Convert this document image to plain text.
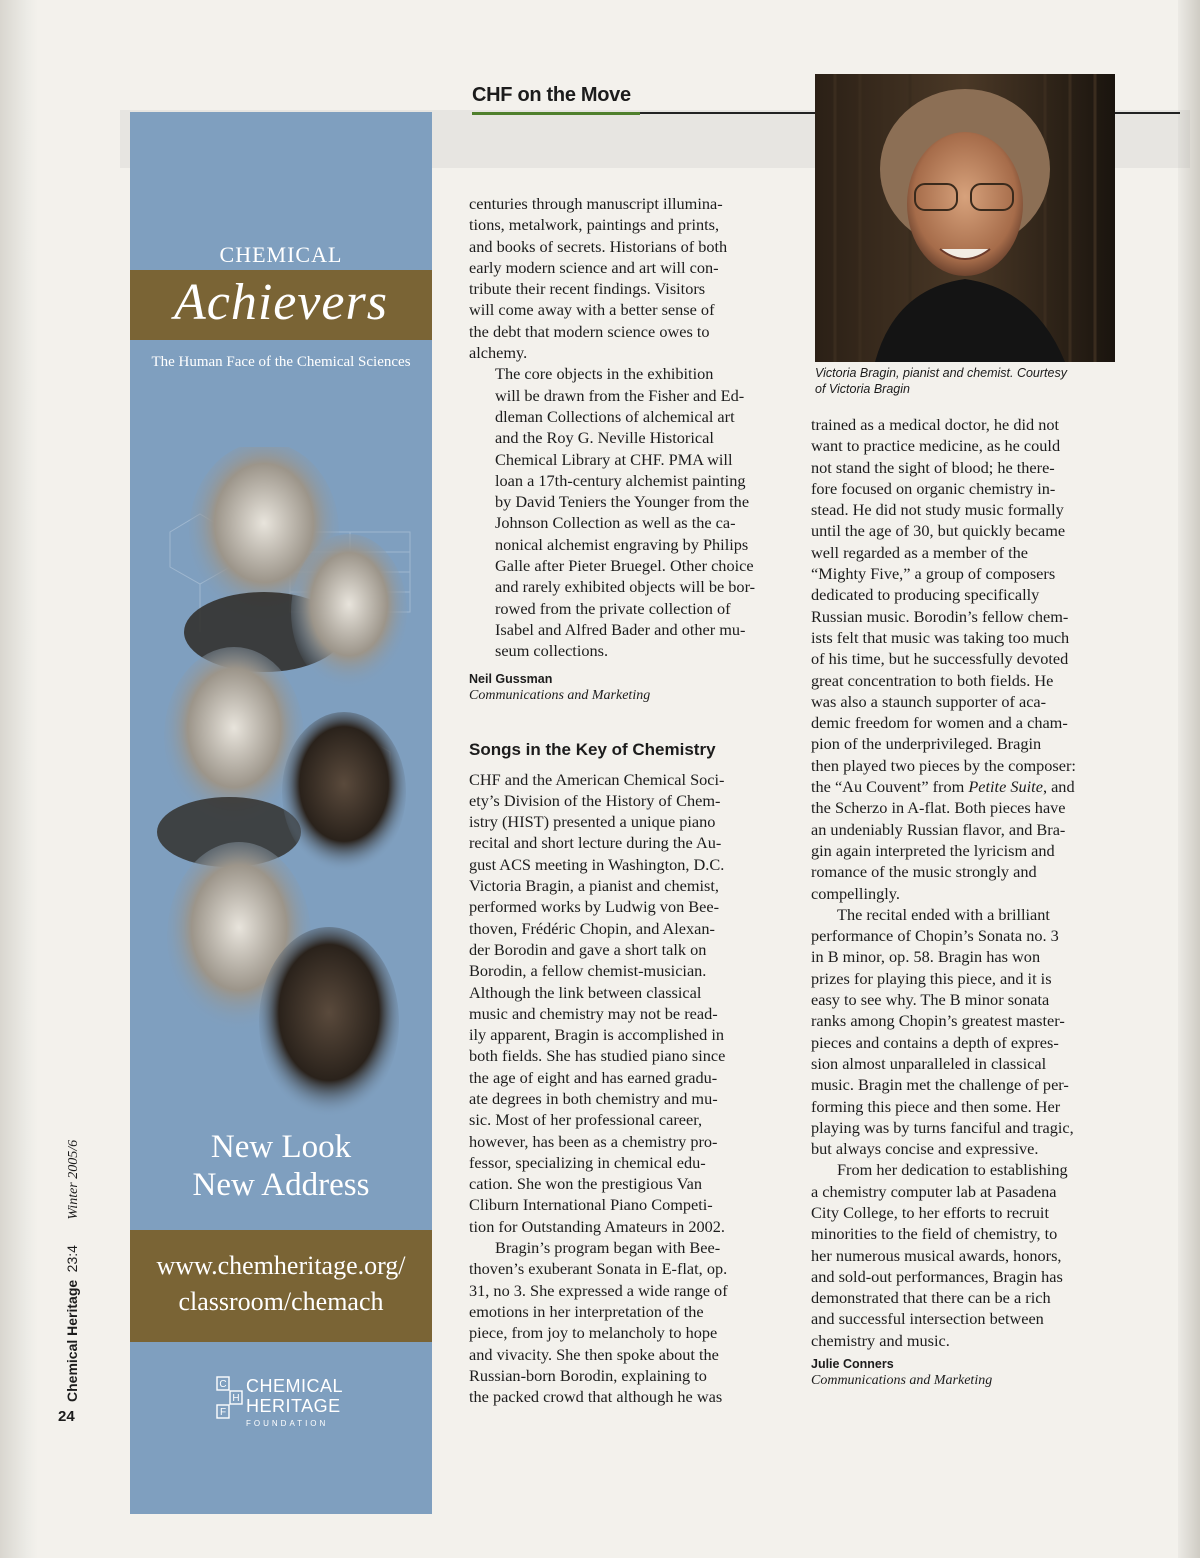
CHF on the Move
CHEMICAL
Achievers
The Human Face of the Chemical Sciences
New Look
New Address
www.chemheritage.org/
classroom/chemach
C
H
F
CHEMICAL
HERITAGE
FOUNDATION
Chemical Heritage 23:4 Winter 2005/6
24
Victoria Bragin, pianist and chemist. Courtesy
of Victoria Bragin

centuries through manuscript illumina-
tions, metalwork, paintings and prints,
and books of secrets. Historians of both
early modern science and art will con-
tribute their recent findings. Visitors
will come away with a better sense of
the debt that modern science owes to
alchemy.

The core objects in the exhibition
will be drawn from the Fisher and Ed-
dleman Collections of alchemical art
and the Roy G. Neville Historical
Chemical Library at CHF. PMA will
loan a 17th-century alchemist painting
by David Teniers the Younger from the
Johnson Collection as well as the ca-
nonical alchemist engraving by Philips
Galle after Pieter Bruegel. Other choice
and rarely exhibited objects will be bor-
rowed from the private collection of
Isabel and Alfred Bader and other mu-
seum collections.

Neil Gussman
Communications and Marketing
Songs in the Key of Chemistry

CHF and the American Chemical Soci-
ety’s Division of the History of Chem-
istry (HIST) presented a unique piano
recital and short lecture during the Au-
gust ACS meeting in Washington, D.C.
Victoria Bragin, a pianist and chemist,
performed works by Ludwig von Bee-
thoven, Frédéric Chopin, and Alexan-
der Borodin and gave a short talk on
Borodin, a fellow chemist-musician.
Although the link between classical
music and chemistry may not be read-
ily apparent, Bragin is accomplished in
both fields. She has studied piano since
the age of eight and has earned gradu-
ate degrees in both chemistry and mu-
sic. Most of her professional career,
however, has been as a chemistry pro-
fessor, specializing in chemical edu-
cation. She won the prestigious Van
Cliburn International Piano Competi-
tion for Outstanding Amateurs in 2002.

Bragin’s program began with Bee-
thoven’s exuberant Sonata in E-flat, op.
31, no 3. She expressed a wide range of
emotions in her interpretation of the
piece, from joy to melancholy to hope
and vivacity. She then spoke about the
Russian-born Borodin, explaining to
the packed crowd that although he was

trained as a medical doctor, he did not
want to practice medicine, as he could
not stand the sight of blood; he there-
fore focused on organic chemistry in-
stead. He did not study music formally
until the age of 30, but quickly became
well regarded as a member of the
“Mighty Five,” a group of composers
dedicated to producing specifically
Russian music. Borodin’s fellow chem-
ists felt that music was taking too much
of his time, but he successfully devoted
great concentration to both fields. He
was also a staunch supporter of aca-
demic freedom for women and a cham-
pion of the underprivileged. Bragin
then played two pieces by the composer:

the “Au Couvent” from Petite Suite, and

the Scherzo in A-flat. Both pieces have
an undeniably Russian flavor, and Bra-
gin again interpreted the lyricism and
romance of the music strongly and
compellingly.

The recital ended with a brilliant
performance of Chopin’s Sonata no. 3
in B minor, op. 58. Bragin has won
prizes for playing this piece, and it is
easy to see why. The B minor sonata
ranks among Chopin’s greatest master-
pieces and contains a depth of expres-
sion almost unparalleled in classical
music. Bragin met the challenge of per-
forming this piece and then some. Her
playing was by turns fanciful and tragic,
but always concise and expressive.

From her dedication to establishing
a chemistry computer lab at Pasadena
City College, to her efforts to recruit
minorities to the field of chemistry, to
her numerous musical awards, honors,
and sold-out performances, Bragin has
demonstrated that there can be a rich
and successful intersection between
chemistry and music.

Julie Conners
Communications and Marketing
